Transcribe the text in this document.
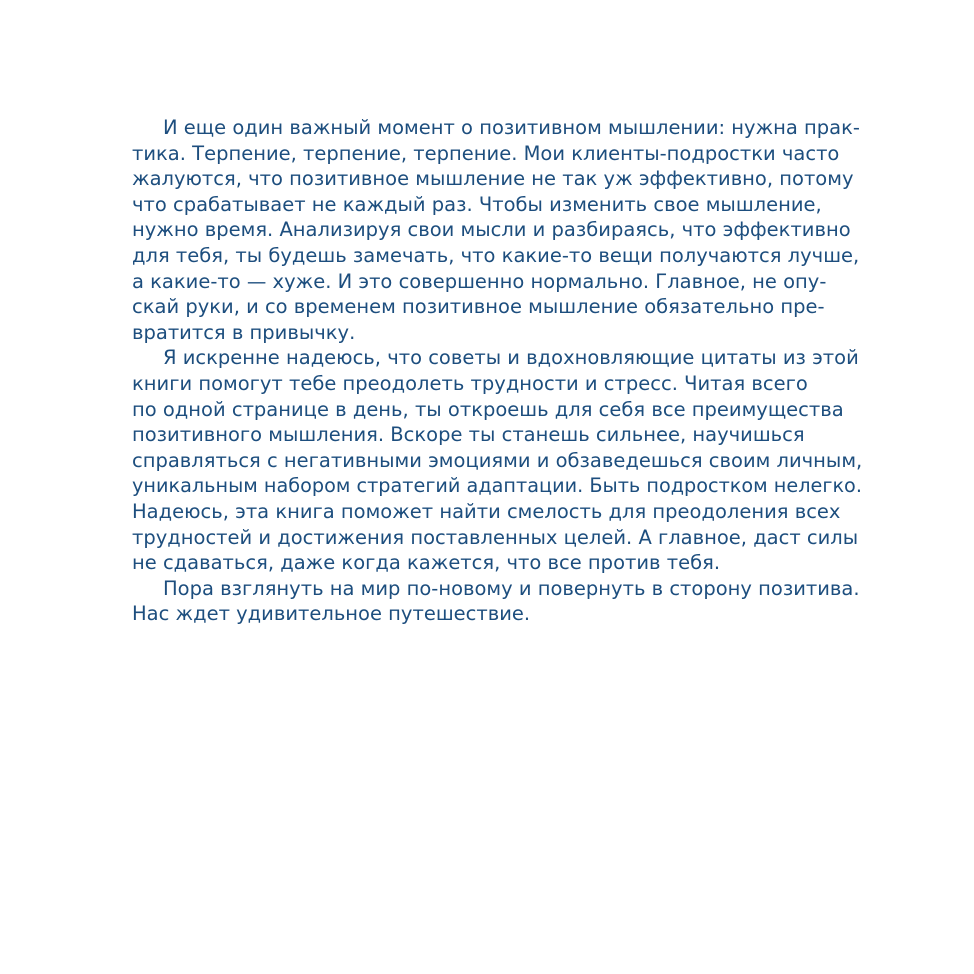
И еще один важный момент о позитивном мышлении: нужна прак-
тика. Терпение, терпение, терпение. Мои клиенты-подростки часто
жалуются, что позитивное мышление не так уж эффективно, потому
что срабатывает не каждый раз. Чтобы изменить свое мышление,
нужно время. Анализируя свои мысли и разбираясь, что эффективно
для тебя, ты будешь замечать, что какие-то вещи получаются лучше,
а какие-то — хуже. И это совершенно нормально. Главное, не опу-
скай руки, и со временем позитивное мышление обязательно пре-
вратится в привычку.

Я искренне надеюсь, что советы и вдохновляющие цитаты из этой
книги помогут тебе преодолеть трудности и стресс. Читая всего
по одной странице в день, ты откроешь для себя все преимущества
позитивного мышления. Вскоре ты станешь сильнее, научишься
справляться с негативными эмоциями и обзаведешься своим личным,
уникальным набором стратегий адаптации. Быть подростком нелегко.
Надеюсь, эта книга поможет найти смелость для преодоления всех
трудностей и достижения поставленных целей. А главное, даст силы
не сдаваться, даже когда кажется, что все против тебя.

Пора взглянуть на мир по-новому и повернуть в сторону позитива.
Нас ждет удивительное путешествие.
